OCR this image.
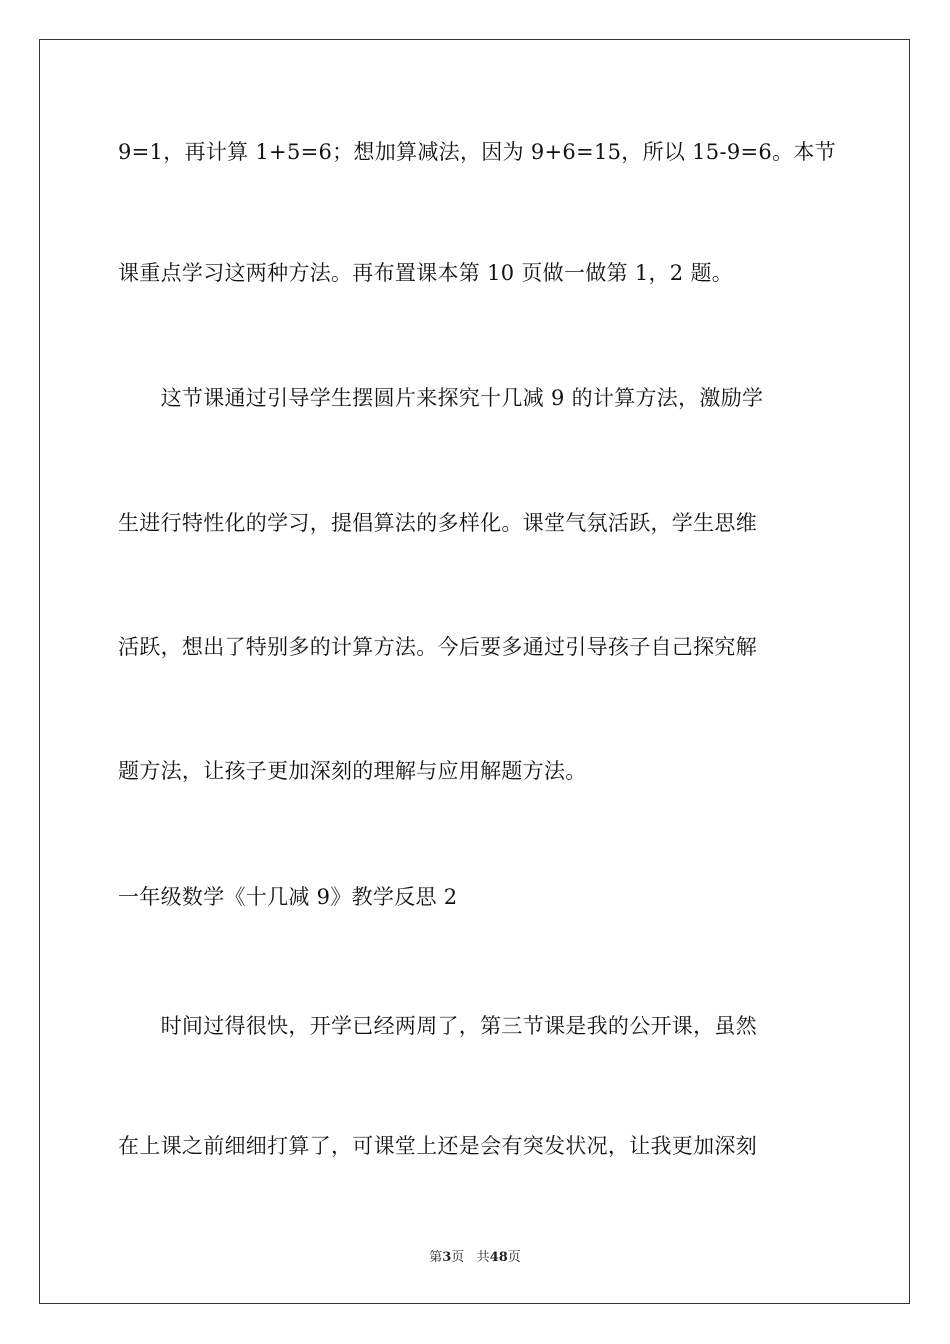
9=1，再计算 1+5=6；想加算减法，因为 9+6=15，所以 15-9=6。本节
课重点学习这两种方法。再布置课本第 10 页做一做第 1，2 题。
　　这节课通过引导学生摆圆片来探究十几减 9 的计算方法，激励学
生进行特性化的学习，提倡算法的多样化。课堂气氛活跃，学生思维
活跃，想出了特别多的计算方法。今后要多通过引导孩子自己探究解
题方法，让孩子更加深刻的理解与应用解题方法。
一年级数学《十几减 9》教学反思 2
　　时间过得很快，开学已经两周了，第三节课是我的公开课，虽然
在上课之前细细打算了，可课堂上还是会有突发状况，让我更加深刻
第3页 共48页
